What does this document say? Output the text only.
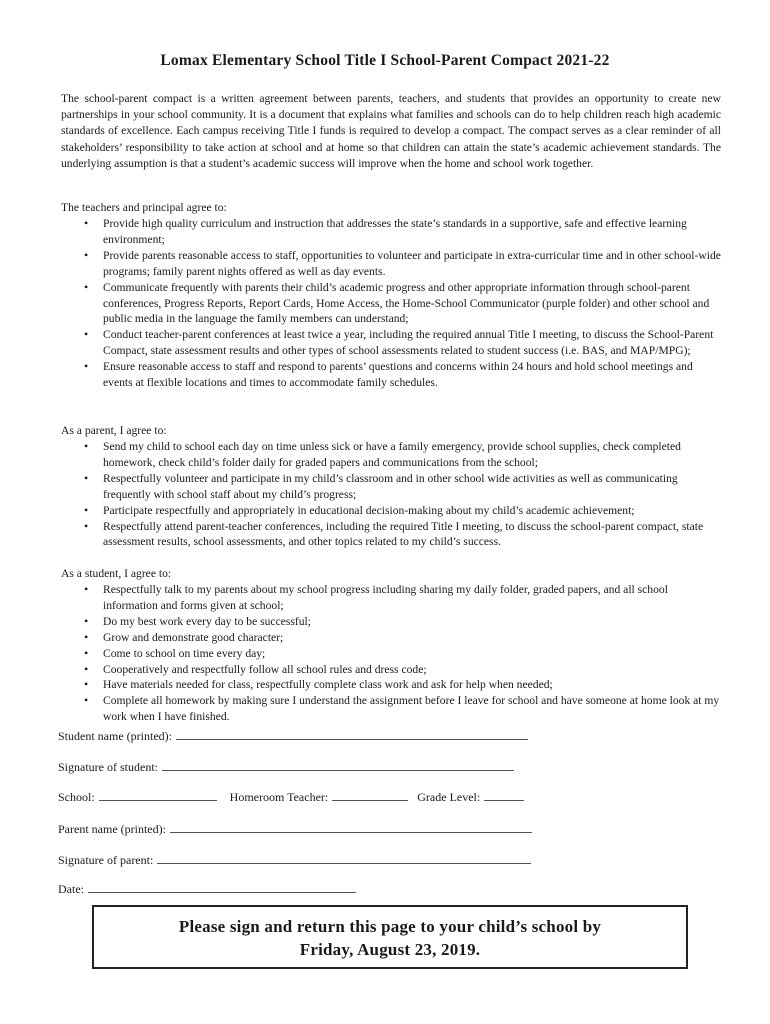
Lomax Elementary School Title I School-Parent Compact 2021-22

The school-parent compact is a written agreement between parents, teachers, and students that provides an opportunity to create new partnerships in your school community. It is a document that explains what families and schools can do to help children reach high academic standards of excellence. Each campus receiving Title I funds is required to develop a compact. The compact serves as a clear reminder of all stakeholders’ responsibility to take action at school and at home so that children can attain the state’s academic achievement standards. The underlying assumption is that a student’s academic success will improve when the home and school work together.

The teachers and principal agree to:

• Provide high quality curriculum and instruction that addresses the state’s standards in a supportive, safe and effective learning environment;
• Provide parents reasonable access to staff, opportunities to volunteer and participate in extra-curricular time and in other school-wide programs; family parent nights offered as well as day events.
• Communicate frequently with parents their child’s academic progress and other appropriate information through school-parent conferences, Progress Reports, Report Cards, Home Access, the Home-School Communicator (purple folder) and other school and public media in the language the family members can understand;
• Conduct teacher-parent conferences at least twice a year, including the required annual Title I meeting, to discuss the School-Parent Compact, state assessment results and other types of school assessments related to student success (i.e. BAS, and MAP/MPG);
• Ensure reasonable access to staff and respond to parents’ questions and concerns within 24 hours and hold school meetings and events at flexible locations and times to accommodate family schedules.

As a parent, I agree to:

• Send my child to school each day on time unless sick or have a family emergency, provide school supplies, check completed homework, check child’s folder daily for graded papers and communications from the school;
• Respectfully volunteer and participate in my child’s classroom and in other school wide activities as well as communicating frequently with school staff about my child’s progress;
• Participate respectfully and appropriately in educational decision-making about my child’s academic achievement;
• Respectfully attend parent-teacher conferences, including the required Title I meeting, to discuss the school-parent compact, state assessment results, school assessments, and other topics related to my child’s success.

As a student, I agree to:

• Respectfully talk to my parents about my school progress including sharing my daily folder, graded papers, and all school information and forms given at school;
• Do my best work every day to be successful;
• Grow and demonstrate good character;
• Come to school on time every day;
• Cooperatively and respectfully follow all school rules and dress code;
• Have materials needed for class, respectfully complete class work and ask for help when needed;
• Complete all homework by making sure I understand the assignment before I leave for school and have someone at home look at my work when I have finished.
Student name (printed):
Signature of student:
School:	Homeroom Teacher:	Grade Level:
Parent name (printed):
Signature of parent:
Date:

Please sign and return this page to your child’s school by

Friday, August 23, 2019.
